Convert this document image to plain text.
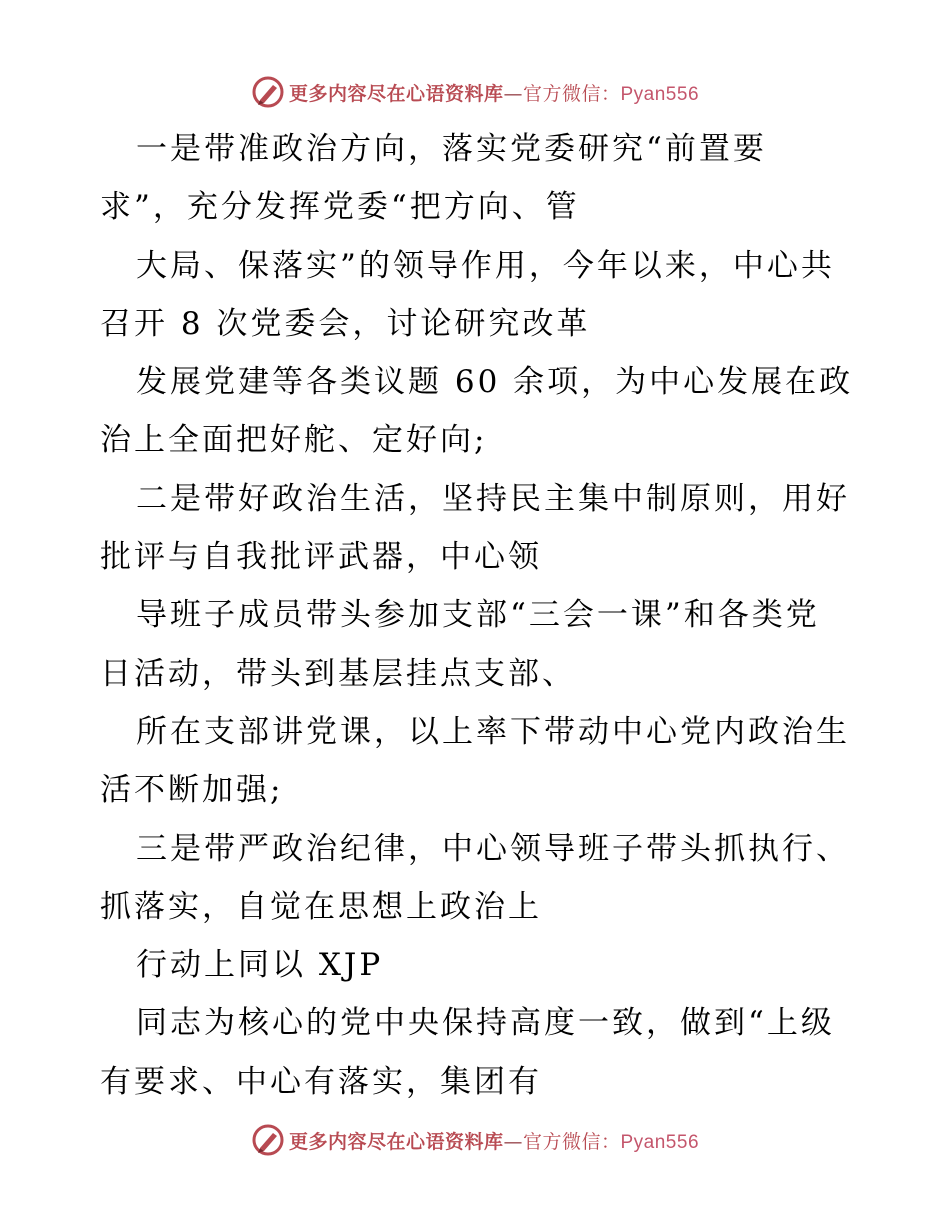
更多内容尽在心语资料库—官方微信：Pyan556
一是带准政治方向，落实党委研究“前置要
求”，充分发挥党委“把方向、管
大局、保落实”的领导作用，今年以来，中心共
召开 8 次党委会，讨论研究改革
发展党建等各类议题 60 余项，为中心发展在政
治上全面把好舵、定好向;
二是带好政治生活，坚持民主集中制原则，用好
批评与自我批评武器，中心领
导班子成员带头参加支部“三会一课”和各类党
日活动，带头到基层挂点支部、
所在支部讲党课，以上率下带动中心党内政治生
活不断加强;
三是带严政治纪律，中心领导班子带头抓执行、
抓落实，自觉在思想上政治上
行动上同以 XJP
同志为核心的党中央保持高度一致，做到“上级
有要求、中心有落实，集团有
更多内容尽在心语资料库—官方微信：Pyan556
